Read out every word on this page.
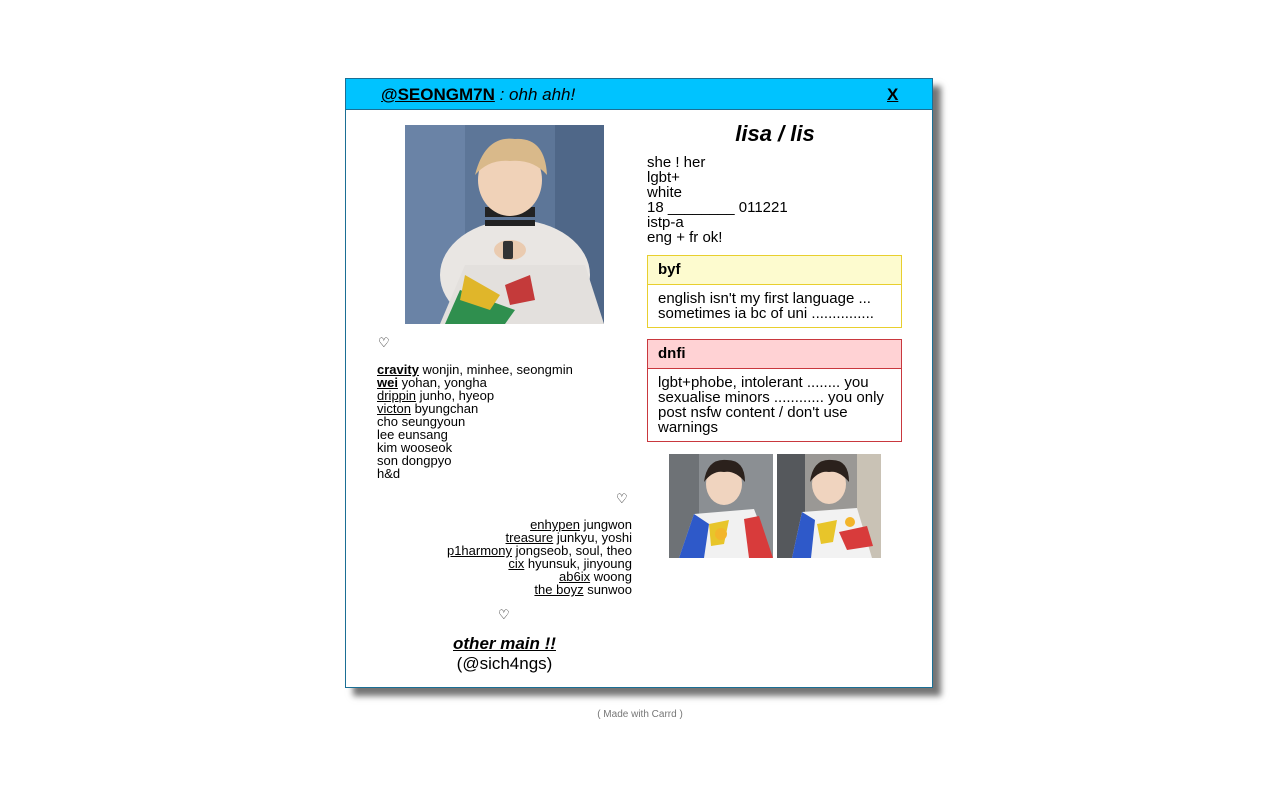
@SEONGM7N : ohh ahh!	X
♡
cravity wonjin, minhee, seongmin
wei yohan, yongha
drippin junho, hyeop
victon byungchan
cho seungyoun
lee eunsang
kim wooseok
son dongpyo
h&d
♡
enhypen jungwon
treasure junkyu, yoshi
p1harmony jongseob, soul, theo
cix hyunsuk, jinyoung
ab6ix woong
the boyz sunwoo
♡
other main !!
(@sich4ngs)
lisa / lis
she ! her
lgbt+
white
18 ________ 011221
istp-a
eng + fr ok!
byf
english isn't my first language ... sometimes ia bc of uni ...............
dnfi
lgbt+phobe, intolerant ........ you sexualise minors ............ you only post nsfw content / don't use warnings
( Made with Carrd )
